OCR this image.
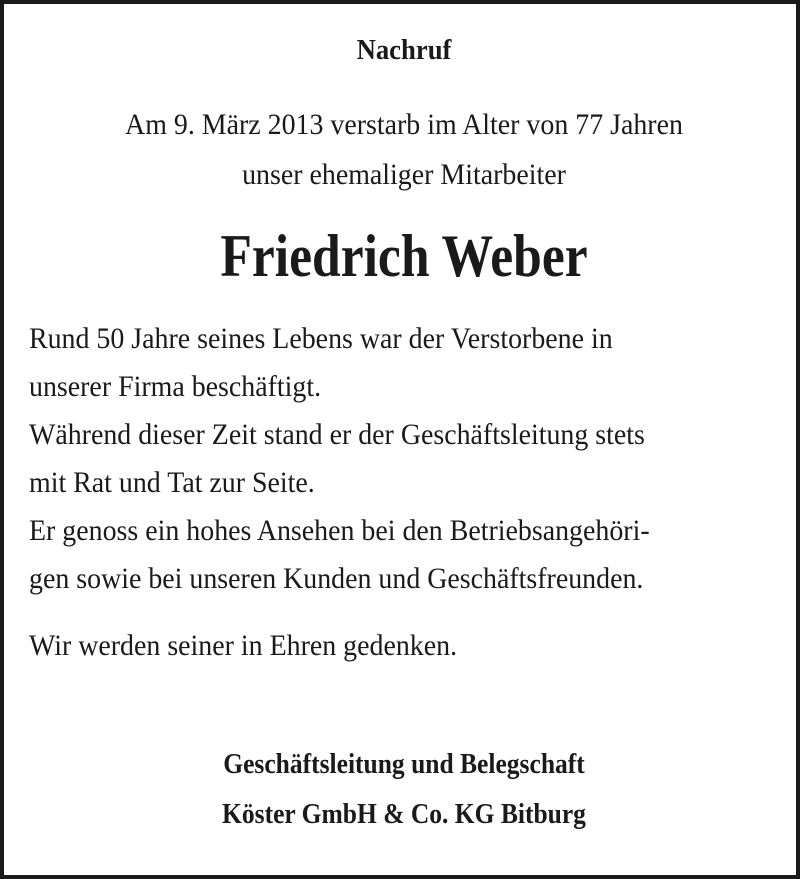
Nachruf
Am 9. März 2013 verstarb im Alter von 77 Jahren
unser ehemaliger Mitarbeiter
Friedrich Weber
Rund 50 Jahre seines Lebens war der Verstorbene in
unserer Firma beschäftigt.
Während dieser Zeit stand er der Geschäftsleitung stets
mit Rat und Tat zur Seite.
Er genoss ein hohes Ansehen bei den Betriebsangehöri-
gen sowie bei unseren Kunden und Geschäftsfreunden.
Wir werden seiner in Ehren gedenken.
Geschäftsleitung und Belegschaft
Köster GmbH & Co. KG Bitburg
